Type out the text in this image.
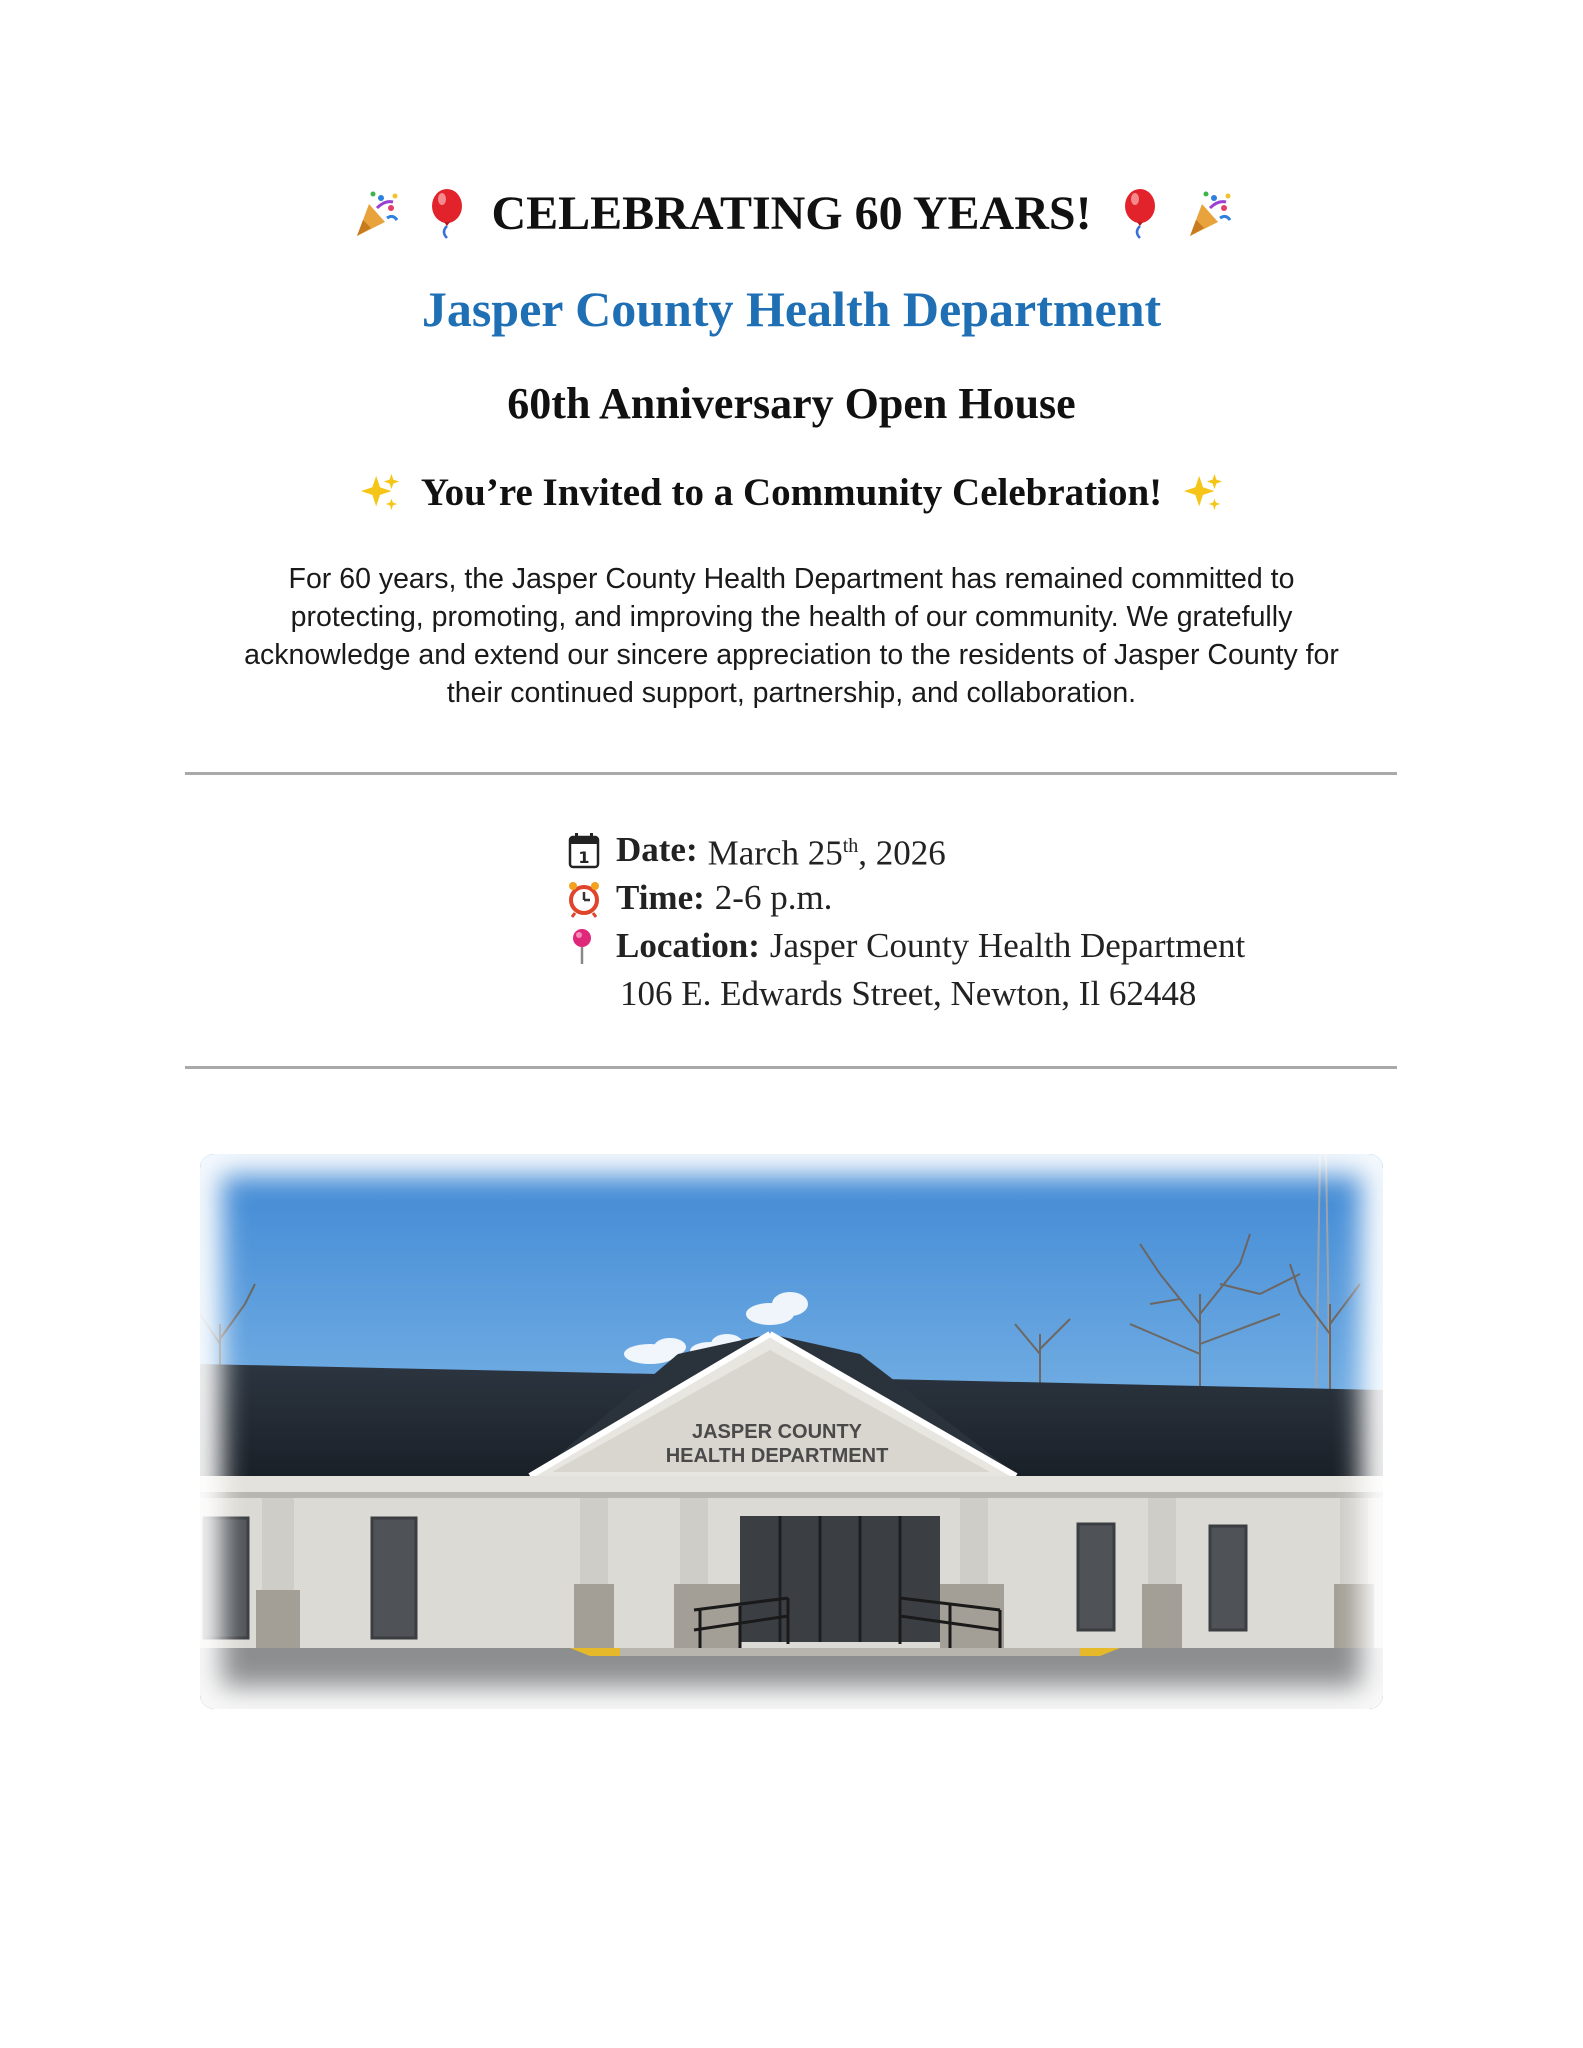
CELEBRATING 60 YEARS!
Jasper County Health Department
60th Anniversary Open House
You’re Invited to a Community Celebration!
For 60 years, the Jasper County Health Department has remained committed to
protecting, promoting, and improving the health of our community. We gratefully
acknowledge and extend our sincere appreciation to the residents of Jasper County for
their continued support, partnership, and collaboration.
1 Date: March 25th, 2026
Time: 2-6 p.m.
Location: Jasper County Health Department
106 E. Edwards Street, Newton, Il 62448
JASPER COUNTY
HEALTH DEPARTMENT
